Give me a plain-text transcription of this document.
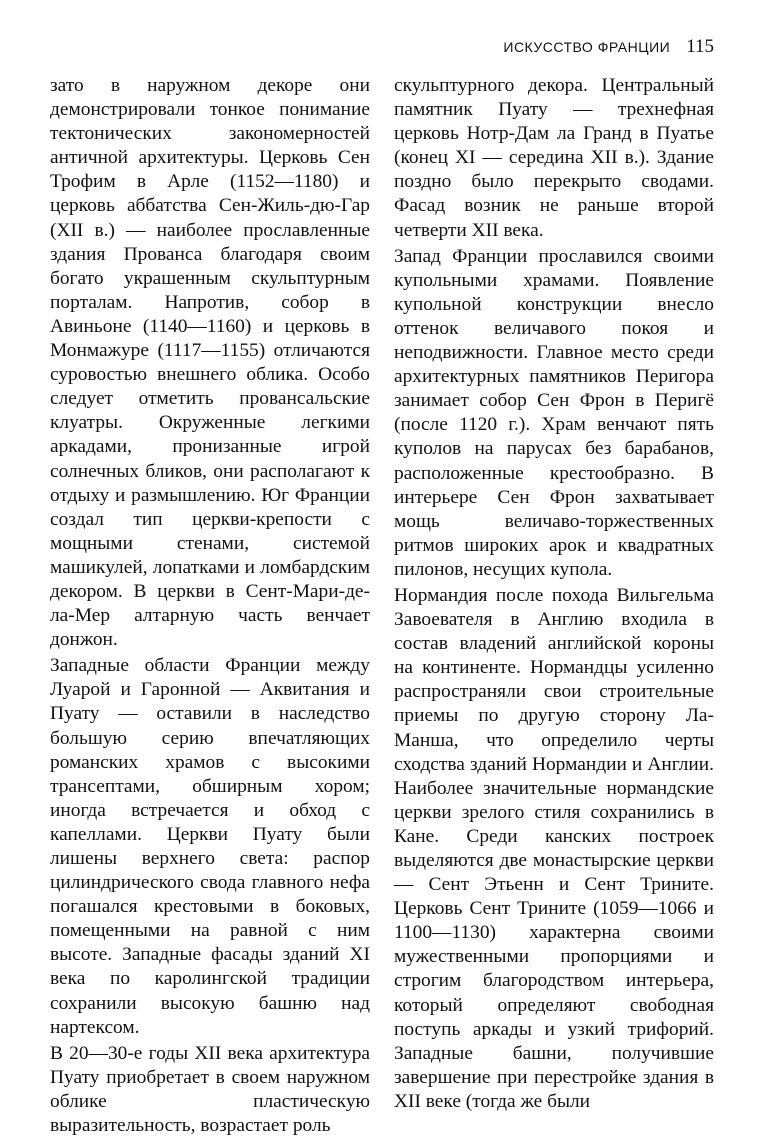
ИСКУССТВО ФРАНЦИИ 115

зато в наружном декоре они демонстрировали тонкое понимание тектонических закономерностей античной архитектуры. Церковь Сен Трофим в Арле (1152—1180) и церковь аббатства Сен-Жиль-дю-Гар (XII в.) — наиболее прославленные здания Прованса благодаря своим богато украшенным скульптурным порталам. Напротив, собор в Авиньоне (1140—1160) и церковь в Монмажуре (1117—1155) отличаются суровостью внешнего облика. Особо следует отметить провансальские клуатры. Окруженные легкими аркадами, пронизанные игрой солнечных бликов, они располагают к отдыху и размышлению. Юг Франции создал тип церкви-крепости с мощными стенами, системой машикулей, лопатками и ломбардским декором. В церкви в Сент-Мари-де-ла-Мер алтарную часть венчает донжон.

Западные области Франции между Луарой и Гаронной — Аквитания и Пуату — оставили в наследство большую серию впечатляющих романских храмов с высокими трансептами, обширным хором; иногда встречается и обход с капеллами. Церкви Пуату были лишены верхнего света: распор цилиндрического свода главного нефа погашался крестовыми в боковых, помещенными на равной с ним высоте. Западные фасады зданий XI века по каролингской традиции сохранили высокую башню над нартексом.

В 20—30-е годы XII века архитектура Пуату приобретает в своем наружном облике пластическую выразительность, возрастает роль

скульптурного декора. Центральный памятник Пуату — трехнефная церковь Нотр-Дам ла Гранд в Пуатье (конец XI — середина XII в.). Здание поздно было перекрыто сводами. Фасад возник не раньше второй четверти XII века.

Запад Франции прославился своими купольными храмами. Появление купольной конструкции внесло оттенок величавого покоя и неподвижности. Главное место среди архитектурных памятников Перигора занимает собор Сен Фрон в Перигё (после 1120 г.). Храм венчают пять куполов на парусах без барабанов, расположенные крестообразно. В интерьере Сен Фрон захватывает мощь величаво-торжественных ритмов широких арок и квадратных пилонов, несущих купола.

Нормандия после похода Вильгельма Завоевателя в Англию входила в состав владений английской короны на континенте. Нормандцы усиленно распространяли свои строительные приемы по другую сторону Ла-Манша, что определило черты сходства зданий Нормандии и Англии. Наиболее значительные нормандские церкви зрелого стиля сохранились в Кане. Среди канских построек выделяются две монастырские церкви — Сент Этьенн и Сент Трините. Церковь Сент Трините (1059—1066 и 1100—1130) характерна своими мужественными пропорциями и строгим благородством интерьера, который определяют свободная поступь аркады и узкий трифорий. Западные башни, получившие завершение при перестройке здания в XII веке (тогда же были
